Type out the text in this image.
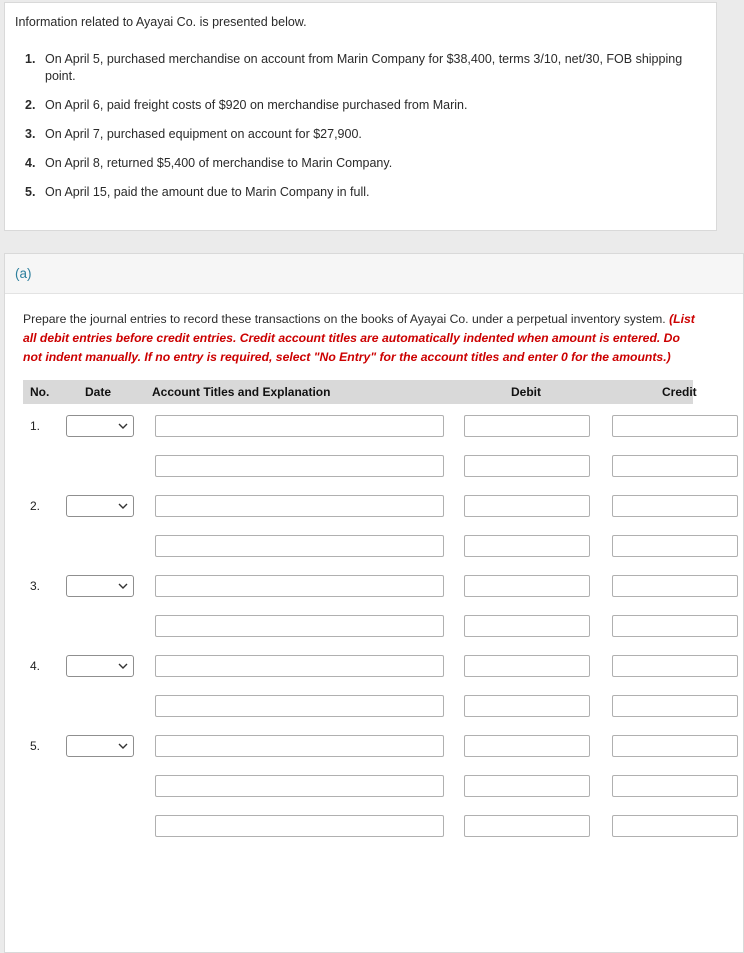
Information related to Ayayai Co. is presented below.
1. On April 5, purchased merchandise on account from Marin Company for $38,400, terms 3/10, net/30, FOB shipping point.
2. On April 6, paid freight costs of $920 on merchandise purchased from Marin.
3. On April 7, purchased equipment on account for $27,900.
4. On April 8, returned $5,400 of merchandise to Marin Company.
5. On April 15, paid the amount due to Marin Company in full.
(a)
Prepare the journal entries to record these transactions on the books of Ayayai Co. under a perpetual inventory system. (List all debit entries before credit entries. Credit account titles are automatically indented when amount is entered. Do not indent manually. If no entry is required, select "No Entry" for the account titles and enter 0 for the amounts.)
No.	Date	Account Titles and Explanation	Debit	Credit
1.
2.
3.
4.
5.
